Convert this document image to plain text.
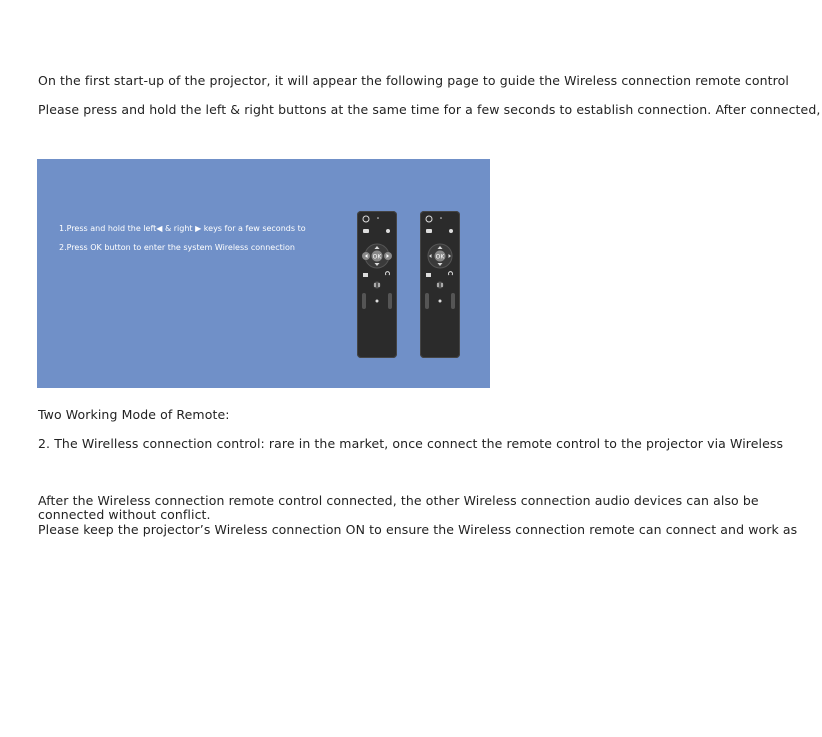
On the first start-up of the projector, it will appear the following page to guide the Wireless connection remote control
Please press and hold the left & right buttons at the same time for a few seconds to establish connection. After connected,
1.Press and hold the left◀ & right ▶ keys for a few seconds to
2.Press OK button to enter the system Wireless connection
OK	OK
Two Working Mode of Remote:
2. The Wirelless connection control: rare in the market, once connect the remote control to the projector via Wireless
After the Wireless connection remote control connected, the other Wireless connection audio devices can also be connected without conflict.
Please keep the projector’s Wireless connection ON to ensure the Wireless connection remote can connect and work as
